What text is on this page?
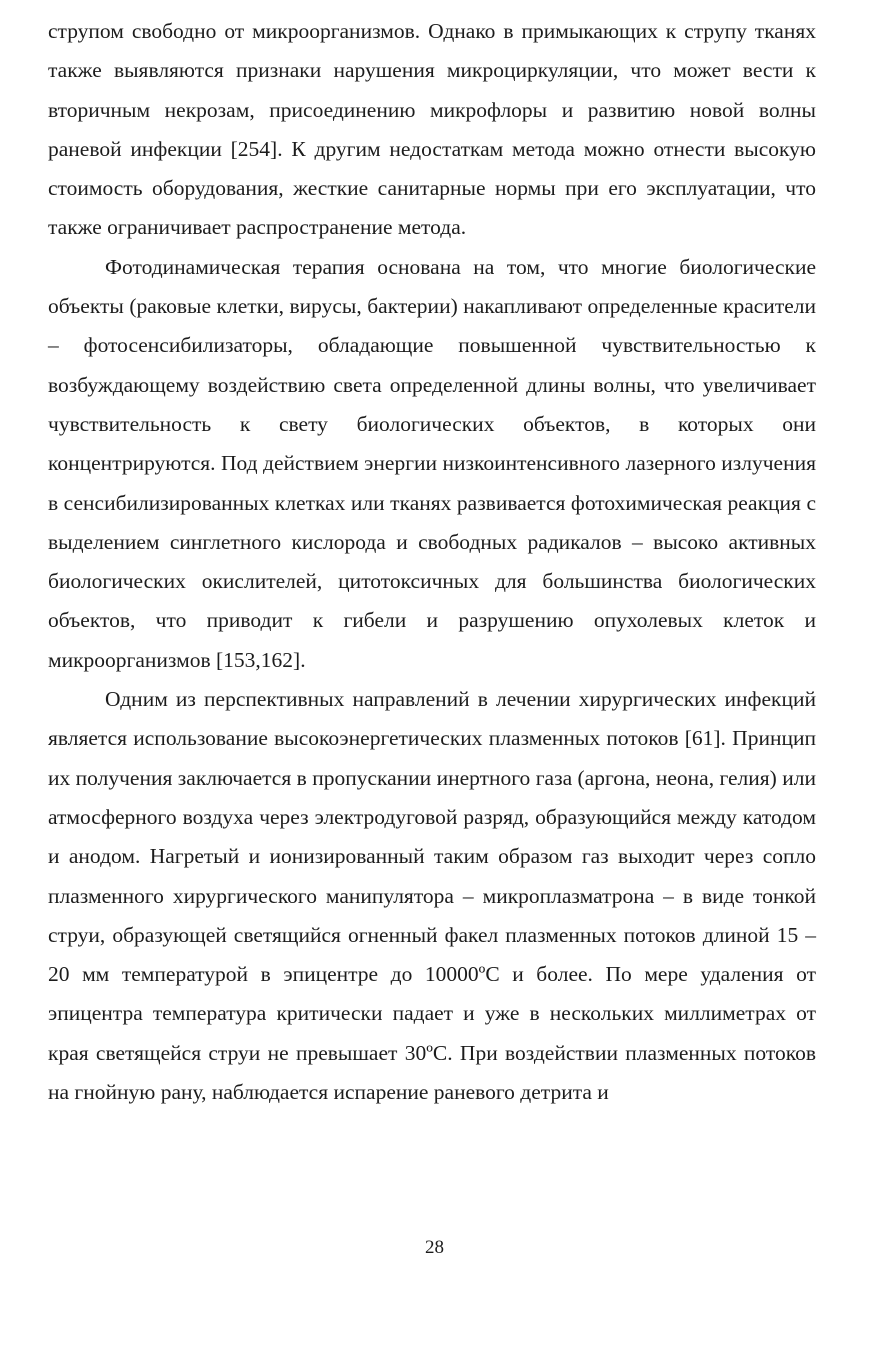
струпом свободно от микроорганизмов. Однако в примыкающих к струпу тканях также выявляются признаки нарушения микроциркуляции, что может вести к вторичным некрозам, присоединению микрофлоры и развитию новой волны раневой инфекции [254]. К другим недостаткам метода можно отнести высокую стоимость оборудования, жесткие санитарные нормы при его эксплуатации, что также ограничивает распространение метода.

Фотодинамическая терапия основана на том, что многие биологические объекты (раковые клетки, вирусы, бактерии) накапливают определенные красители – фотосенсибилизаторы, обладающие повышенной чувствительностью к возбуждающему воздействию света определенной длины волны, что увеличивает чувствительность к свету биологических объектов, в которых они концентрируются. Под действием энергии низкоинтенсивного лазерного излучения в сенсибилизированных клетках или тканях развивается фотохимическая реакция с выделением синглетного кислорода и свободных радикалов – высоко активных биологических окислителей, цитотоксичных для большинства биологических объектов, что приводит к гибели и разрушению опухолевых клеток и микроорганизмов [153,162].

Одним из перспективных направлений в лечении хирургических инфекций является использование высокоэнергетических плазменных потоков [61]. Принцип их получения заключается в пропускании инертного газа (аргона, неона, гелия) или атмосферного воздуха через электродуговой разряд, образующийся между катодом и анодом. Нагретый и ионизированный таким образом газ выходит через сопло плазменного хирургического манипулятора – микроплазматрона – в виде тонкой струи, образующей светящийся огненный факел плазменных потоков длиной 15 – 20 мм температурой в эпицентре до 10000ºС и более. По мере удаления от эпицентра температура критически падает и уже в нескольких миллиметрах от края светящейся струи не превышает 30ºС. При воздействии плазменных потоков на гнойную рану, наблюдается испарение раневого детрита и

28
